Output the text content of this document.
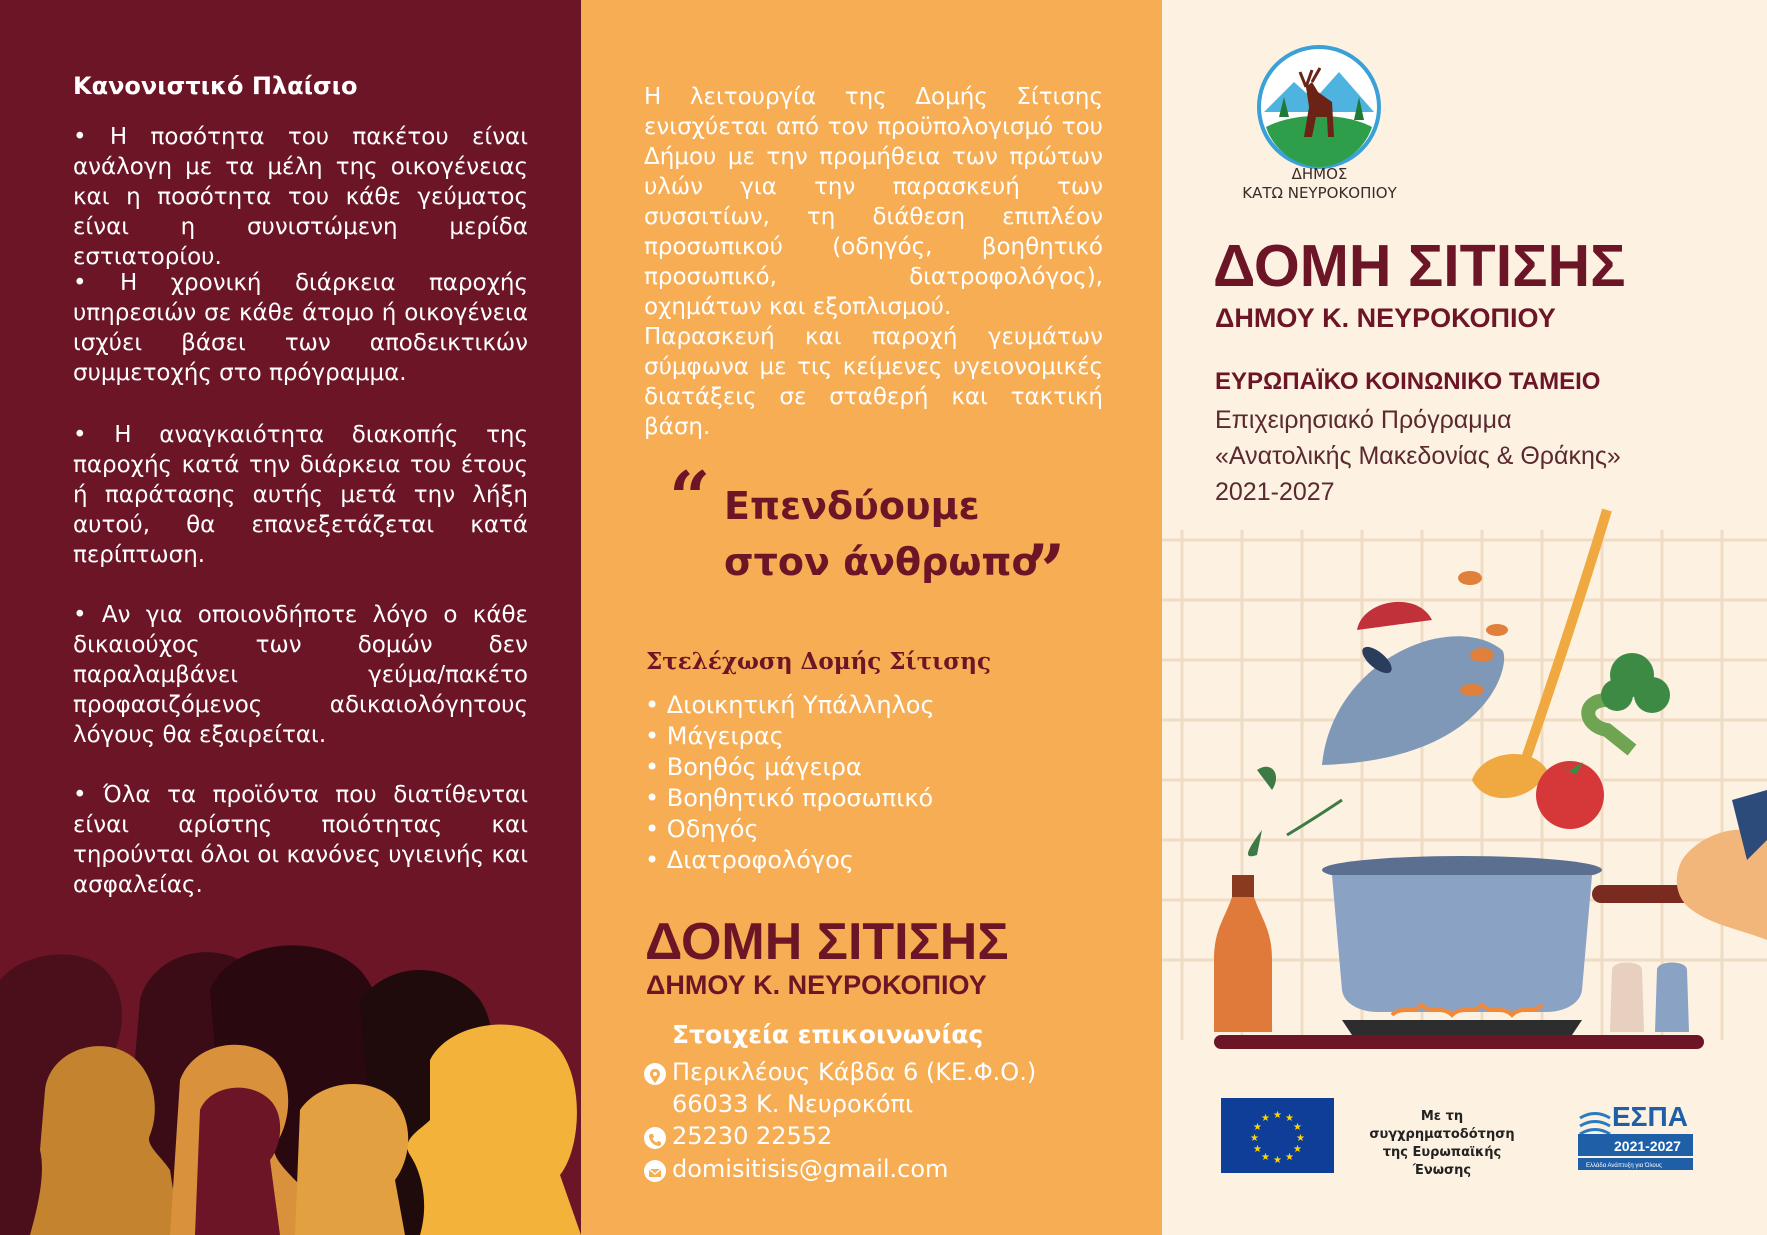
Κανονιστικό Πλαίσιο

• Η ποσότητα του πακέτου είναι ανάλογη με τα μέλη της οικογένειας και η ποσότητα του κάθε γεύματος είναι η συνιστώμενη μερίδα εστιατορίου.

• Η χρονική διάρκεια παροχής υπηρεσιών σε κάθε άτομο ή οικογένεια ισχύει βάσει των αποδεικτικών συμμετοχής στο πρόγραμμα.

• Η αναγκαιότητα διακοπής της παροχής κατά την διάρκεια του έτους ή παράτασης αυτής μετά την λήξη αυτού, θα επανεξετάζεται κατά περίπτωση.

• Αν για οποιονδήποτε λόγο ο κάθε δικαιούχος των δομών δεν παραλαμβάνει γεύμα/πακέτο προφασιζόμενος αδικαιολόγητους λόγους θα εξαιρείται.

• Όλα τα προϊόντα που διατίθενται είναι αρίστης ποιότητας και τηρούνται όλοι οι κανόνες υγιεινής και ασφαλείας.

Η λειτουργία της Δομής Σίτισης ενισχύεται από τον προϋπολογισμό του Δήμου με την προμήθεια των πρώτων υλών για την παρασκευή των συσσιτίων, τη διάθεση επιπλέον προσωπικού (οδηγός, βοηθητικό προσωπικό, διατροφολόγος), οχημάτων και εξοπλισμού.
Παρασκευή και παροχή γευμάτων σύμφωνα με τις κείμενες υγειονομικές διατάξεις σε σταθερή και τακτική βάση.

“ Επενδύουμε
στον άνθρωπο
”
Στελέχωση Δομής Σίτισης
• Διοικητική Υπάλληλος
• Μάγειρας
• Βοηθός μάγειρα
• Βοηθητικό προσωπικό
• Οδηγός
• Διατροφολόγος
ΔΟΜΗ ΣΙΤΙΣΗΣ
ΔΗΜΟΥ Κ. ΝΕΥΡΟΚΟΠΙΟΥ
Στοιχεία επικοινωνίας
Περικλέους Κάβδα 6 (ΚΕ.Φ.Ο.)
66033 Κ. Νευροκόπι
25230 22552
domisitisis@gmail.com
ΔΗΜΟΣ
ΚΑΤΩ ΝΕΥΡΟΚΟΠΙΟΥ
ΔΟΜΗ ΣΙΤΙΣΗΣ
ΔΗΜΟΥ Κ. ΝΕΥΡΟΚΟΠΙΟΥ
ΕΥΡΩΠΑΪΚΟ ΚΟΙΝΩΝΙΚΟ ΤΑΜΕΙΟ

Επιχειρησιακό Πρόγραμμα

«Ανατολικής Μακεδονίας & Θράκης»

2021-2027

★ ★
★
★
★
★
★
★
★
★
★
★	Με τη συγχρηματοδότηση
της Ευρωπαϊκής Ένωσης
ΕΣΠΑ
2021-2027
Ελλάδα Ανάπτυξη για Όλους
